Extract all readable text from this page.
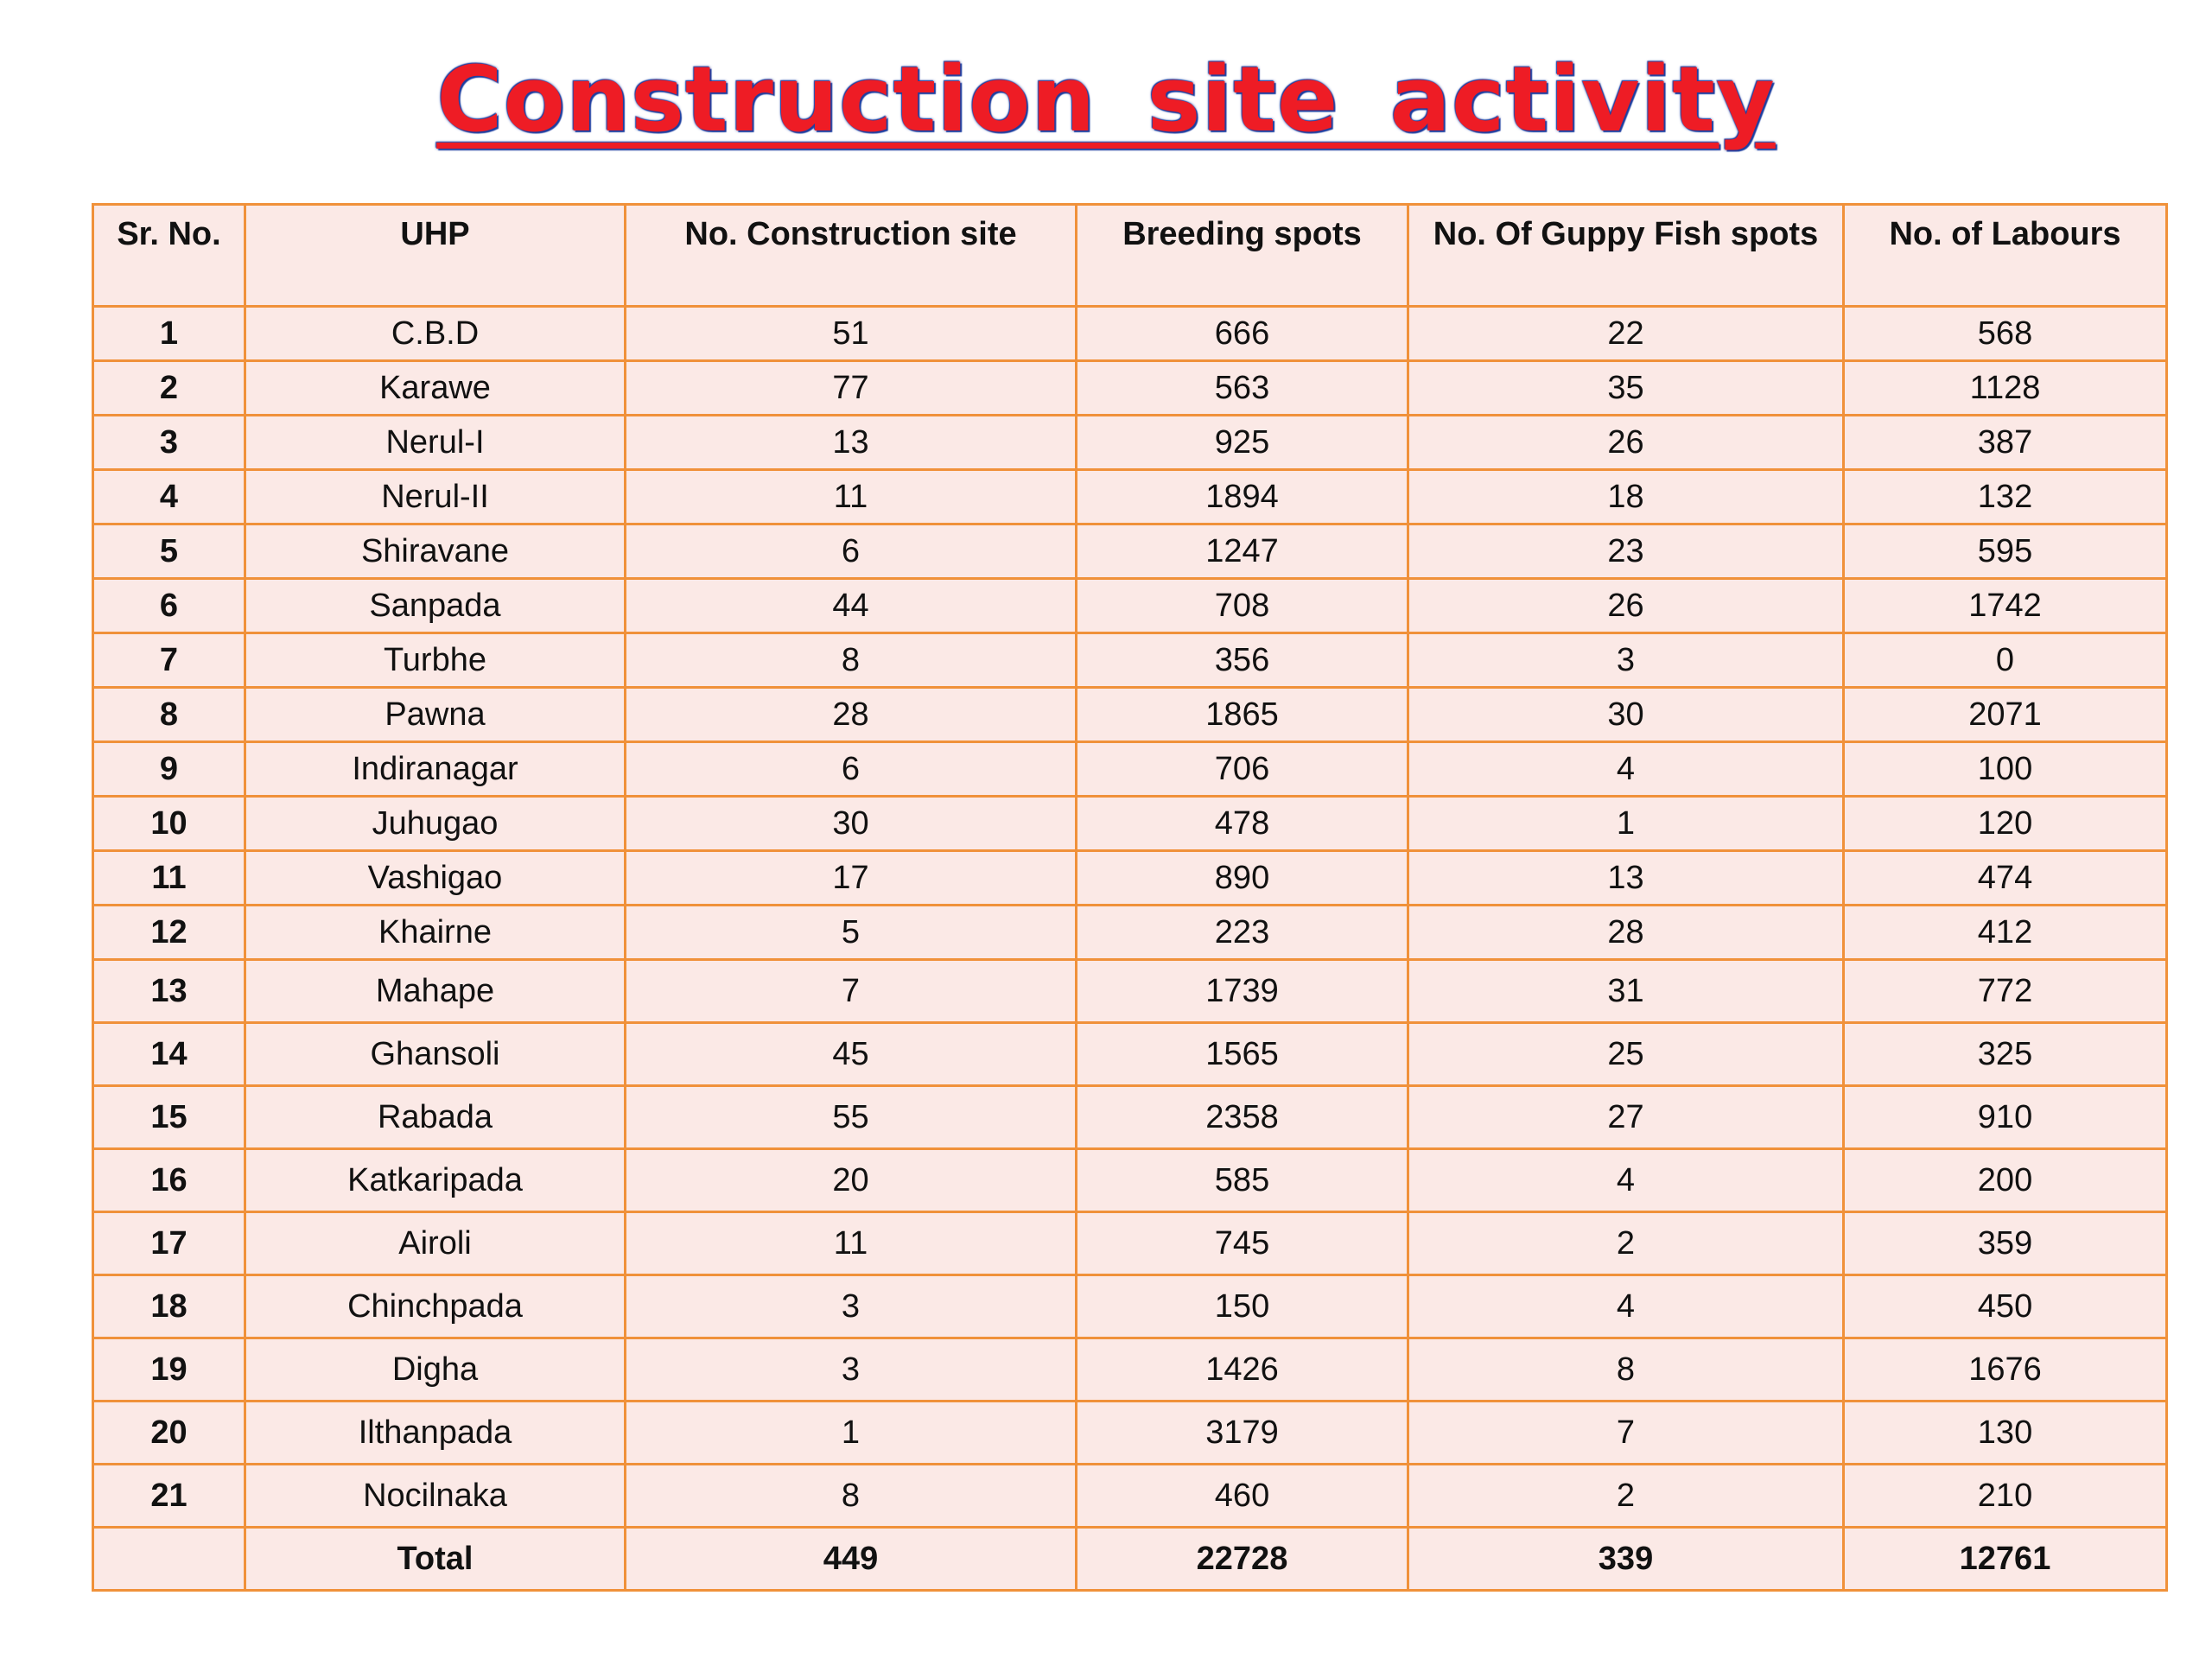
Construction site activity
Sr. No.	UHP	No. Construction site	Breeding spots	No. Of Guppy Fish spots	No. of Labours
1	C.B.D	51	666	22	568
2	Karawe	77	563	35	1128
3	Nerul-I	13	925	26	387
4	Nerul-II	11	1894	18	132
5	Shiravane	6	1247	23	595
6	Sanpada	44	708	26	1742
7	Turbhe	8	356	3	0
8	Pawna	28	1865	30	2071
9	Indiranagar	6	706	4	100
10	Juhugao	30	478	1	120
11	Vashigao	17	890	13	474
12	Khairne	5	223	28	412
13	Mahape	7	1739	31	772
14	Ghansoli	45	1565	25	325
15	Rabada	55	2358	27	910
16	Katkaripada	20	585	4	200
17	Airoli	11	745	2	359
18	Chinchpada	3	150	4	450
19	Digha	3	1426	8	1676
20	Ilthanpada	1	3179	7	130
21	Nocilnaka	8	460	2	210
	Total	449	22728	339	12761
